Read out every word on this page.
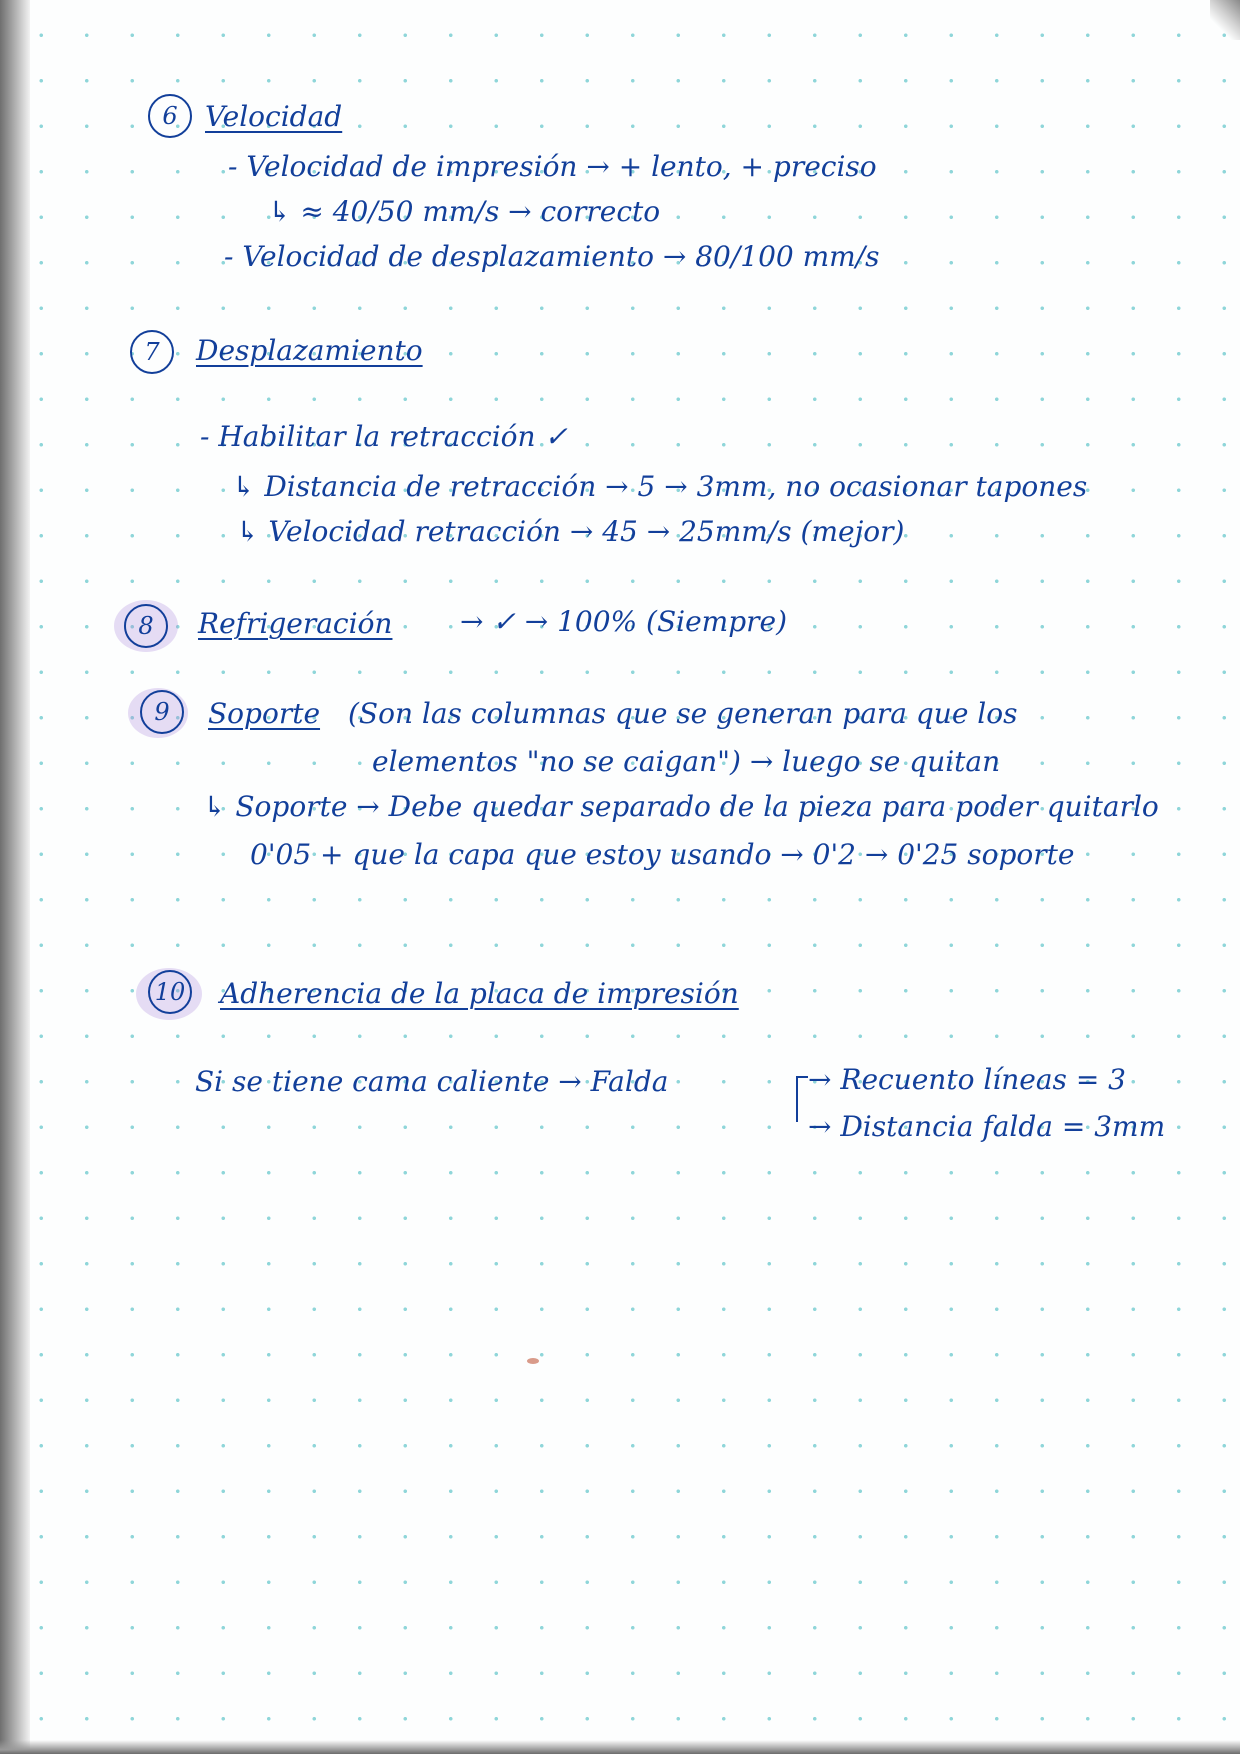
6 Velocidad

- Velocidad de impresión → + lento, + preciso

↳ ≈ 40/50 mm/s → correcto

- Velocidad de desplazamiento → 80/100 mm/s

7	Desplazamiento

- Habilitar la retracción ✓

↳ Distancia de retracción → 5 → 3mm, no ocasionar tapones

↳ Velocidad retracción → 45 → 25mm/s (mejor)

8	Refrigeración → ✓ → 100% (Siempre)

9	Soporte (Son las columnas que se generan para que los

elementos "no se caigan") → luego se quitan

↳ Soporte → Debe quedar separado de la pieza para poder quitarlo

0'05 + que la capa que estoy usando → 0'2 → 0'25 soporte

10 Adherencia de la placa de impresión

Si se tiene cama caliente → Falda	→ Recuento líneas = 3

→ Distancia falda = 3mm
